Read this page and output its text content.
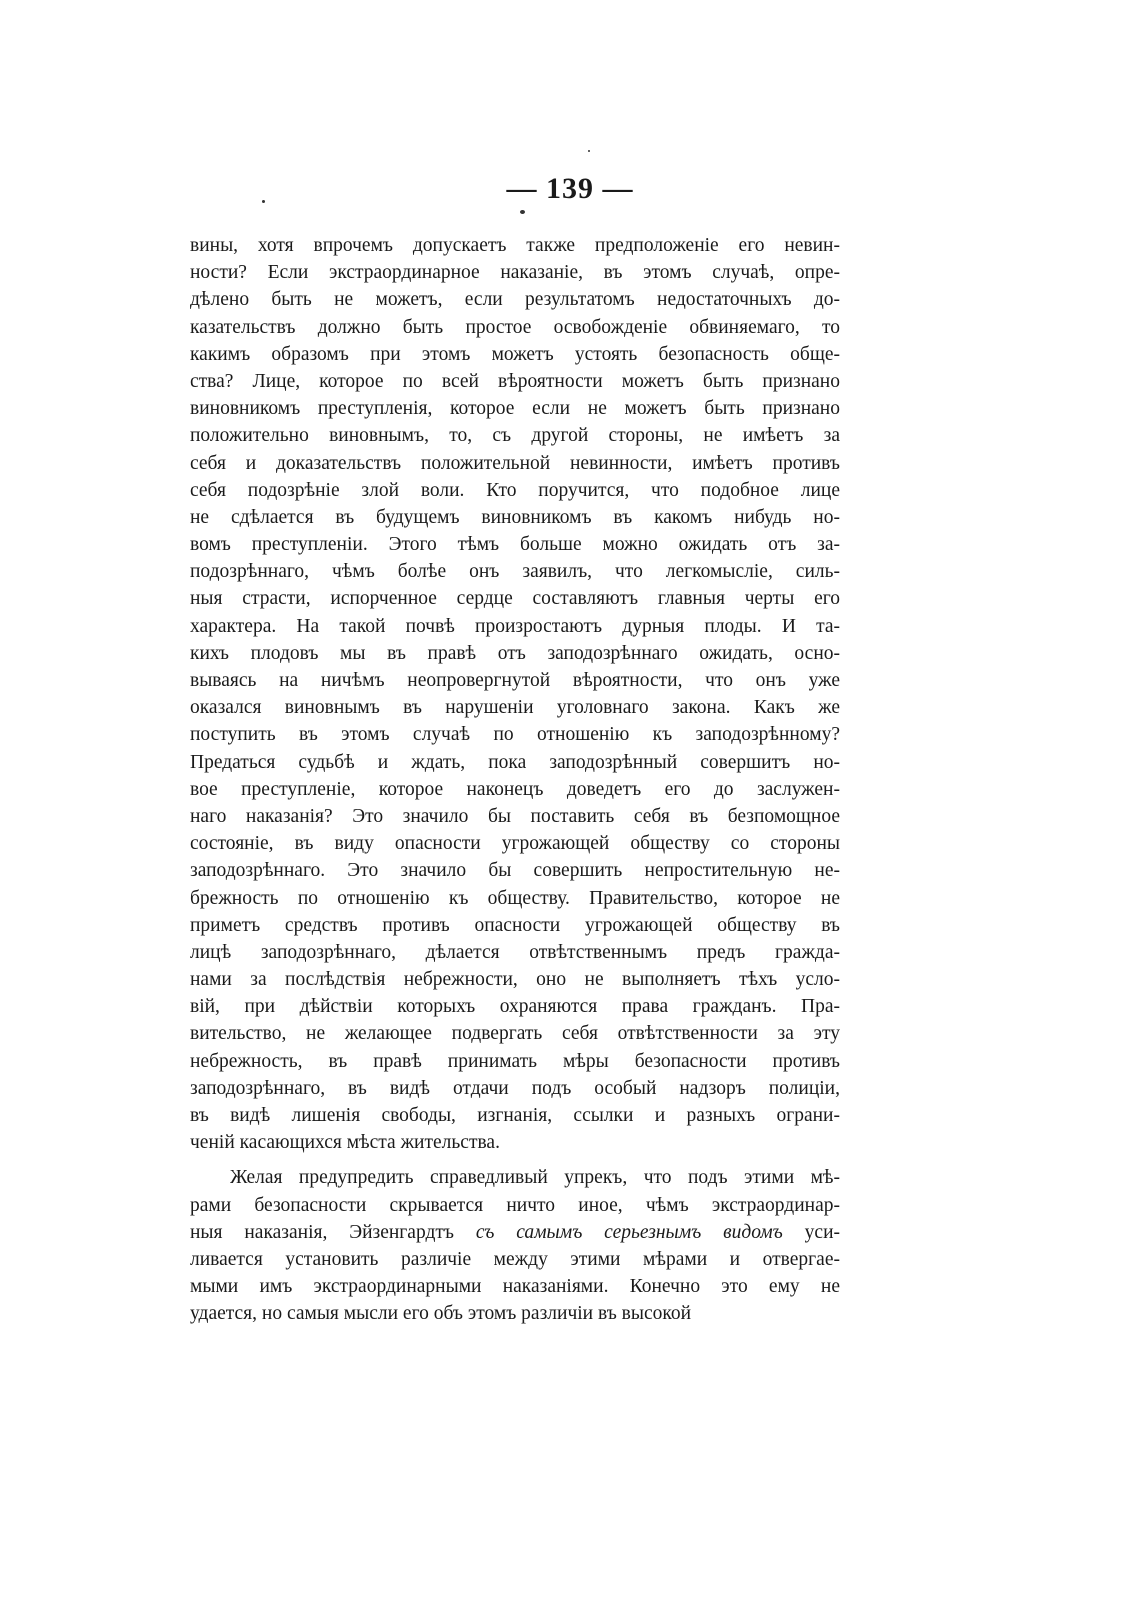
— 139 —
вины, хотя впрочемъ допускаетъ также предположеніе его невин-
ности? Если экстраординарное наказаніе, въ этомъ случаѣ, опре-
дѣлено быть не можетъ, если результатомъ недостаточныхъ до-
казательствъ должно быть простое освобожденіе обвиняемаго, то
какимъ образомъ при этомъ можетъ устоять безопасность обще-
ства? Лице, которое по всей вѣроятности можетъ быть признано
виновникомъ преступленія, которое если не можетъ быть признано
положительно виновнымъ, то, съ другой стороны, не имѣетъ за
себя и доказательствъ положительной невинности, имѣетъ противъ
себя подозрѣніе злой воли. Кто поручится, что подобное лице
не сдѣлается въ будущемъ виновникомъ въ какомъ нибудь но-
вомъ преступленіи. Этого тѣмъ больше можно ожидать отъ за-
подозрѣннаго, чѣмъ болѣе онъ заявилъ, что легкомысліе, силь-
ныя страсти, испорченное сердце составляютъ главныя черты его
характера. На такой почвѣ произростаютъ дурныя плоды. И та-
кихъ плодовъ мы въ правѣ отъ заподозрѣннаго ожидать, осно-
вываясь на ничѣмъ неопровергнутой вѣроятности, что онъ уже
оказался виновнымъ въ нарушеніи уголовнаго закона. Какъ же
поступить въ этомъ случаѣ по отношенію къ заподозрѣнному?
Предаться судьбѣ и ждать, пока заподозрѣнный совершитъ но-
вое преступленіе, которое наконецъ доведетъ его до заслужен-
наго наказанія? Это значило бы поставить себя въ безпомощное
состояніе, въ виду опасности угрожающей обществу со стороны
заподозрѣннаго. Это значило бы совершить непростительную не-
брежность по отношенію къ обществу. Правительство, которое не
приметъ средствъ противъ опасности угрожающей обществу въ
лицѣ заподозрѣннаго, дѣлается отвѣтственнымъ предъ гражда-
нами за послѣдствія небрежности, оно не выполняетъ тѣхъ усло-
вій, при дѣйствіи которыхъ охраняются права гражданъ. Пра-
вительство, не желающее подвергать себя отвѣтственности за эту
небрежность, въ правѣ принимать мѣры безопасности противъ
заподозрѣннаго, въ видѣ отдачи подъ особый надзоръ полиціи,
въ видѣ лишенія свободы, изгнанія, ссылки и разныхъ ограни-
ченій касающихся мѣста жительства.
Желая предупредить справедливый упрекъ, что подъ этими мѣ-
рами безопасности скрывается ничто иное, чѣмъ экстраординар-
ныя наказанія, Эйзенгардтъ съ самымъ серьезнымъ видомъ уси-
ливается установить различіе между этими мѣрами и отвергае-
мыми имъ экстраординарными наказаніями. Конечно это ему не
удается, но самыя мысли его объ этомъ различіи въ высокой
